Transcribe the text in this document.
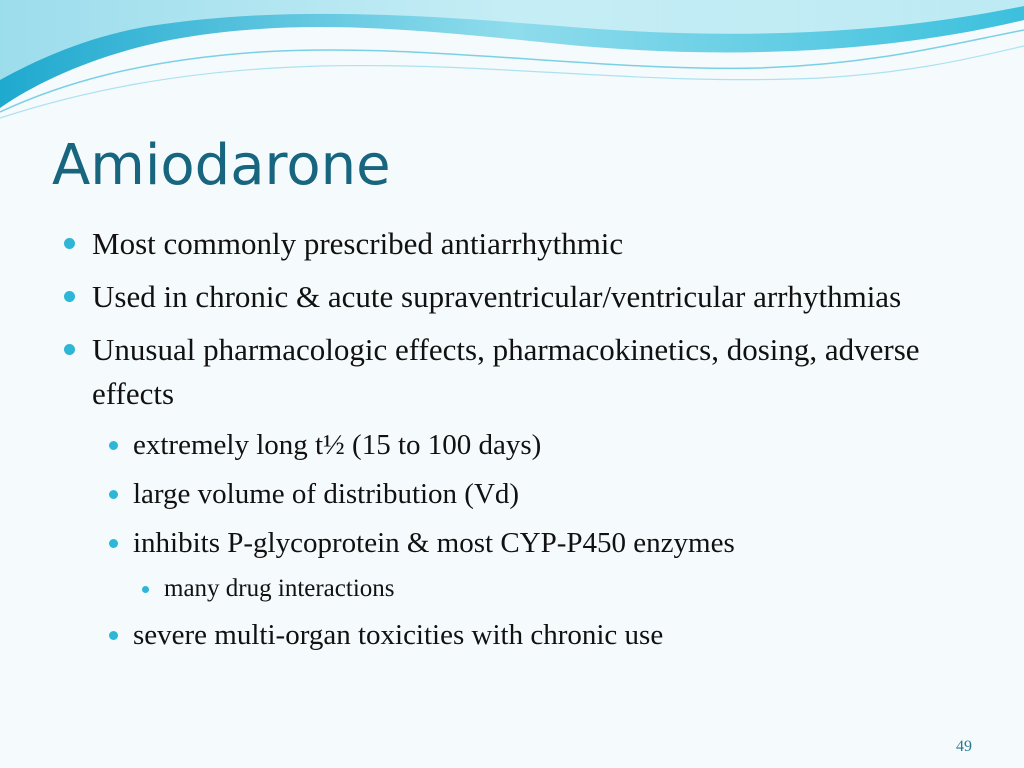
Amiodarone

Most commonly prescribed antiarrhythmic

Used in chronic & acute supraventricular/ventricular arrhythmias

Unusual pharmacologic effects, pharmacokinetics, dosing, adverse effects

extremely long t½ (15 to 100 days)

large volume of distribution (Vd)

inhibits P-glycoprotein & most CYP-P450 enzymes

many drug interactions

severe multi-organ toxicities with chronic use

49
